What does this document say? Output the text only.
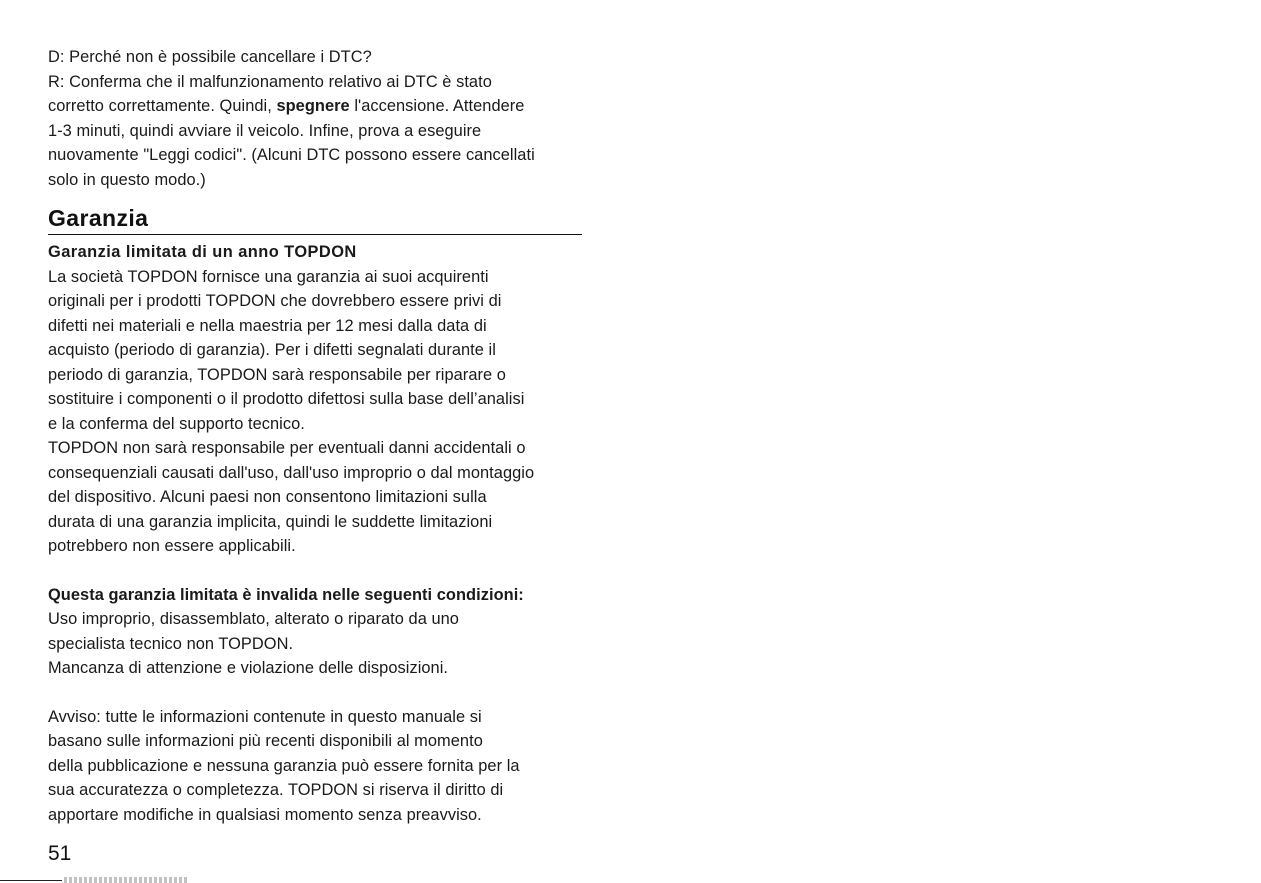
D: Perché non è possibile cancellare i DTC?
R: Conferma che il malfunzionamento relativo ai DTC è stato
corretto correttamente. Quindi, spegnere l'accensione. Attendere
1-3 minuti, quindi avviare il veicolo. Infine, prova a eseguire
nuovamente "Leggi codici". (Alcuni DTC possono essere cancellati
solo in questo modo.)
Garanzia
Garanzia limitata di un anno TOPDON
La società TOPDON fornisce una garanzia ai suoi acquirenti
originali per i prodotti TOPDON che dovrebbero essere privi di
difetti nei materiali e nella maestria per 12 mesi dalla data di
acquisto (periodo di garanzia). Per i difetti segnalati durante il
periodo di garanzia, TOPDON sarà responsabile per riparare o
sostituire i componenti o il prodotto difettosi sulla base dell’analisi
e la conferma del supporto tecnico.
TOPDON non sarà responsabile per eventuali danni accidentali o
consequenziali causati dall'uso, dall'uso improprio o dal montaggio
del dispositivo. Alcuni paesi non consentono limitazioni sulla
durata di una garanzia implicita, quindi le suddette limitazioni
potrebbero non essere applicabili.
Questa garanzia limitata è invalida nelle seguenti condizioni:
Uso improprio, disassemblato, alterato o riparato da uno
specialista tecnico non TOPDON.
Mancanza di attenzione e violazione delle disposizioni.
Avviso: tutte le informazioni contenute in questo manuale si
basano sulle informazioni più recenti disponibili al momento
della pubblicazione e nessuna garanzia può essere fornita per la
sua accuratezza o completezza. TOPDON si riserva il diritto di
apportare modifiche in qualsiasi momento senza preavviso.
51
